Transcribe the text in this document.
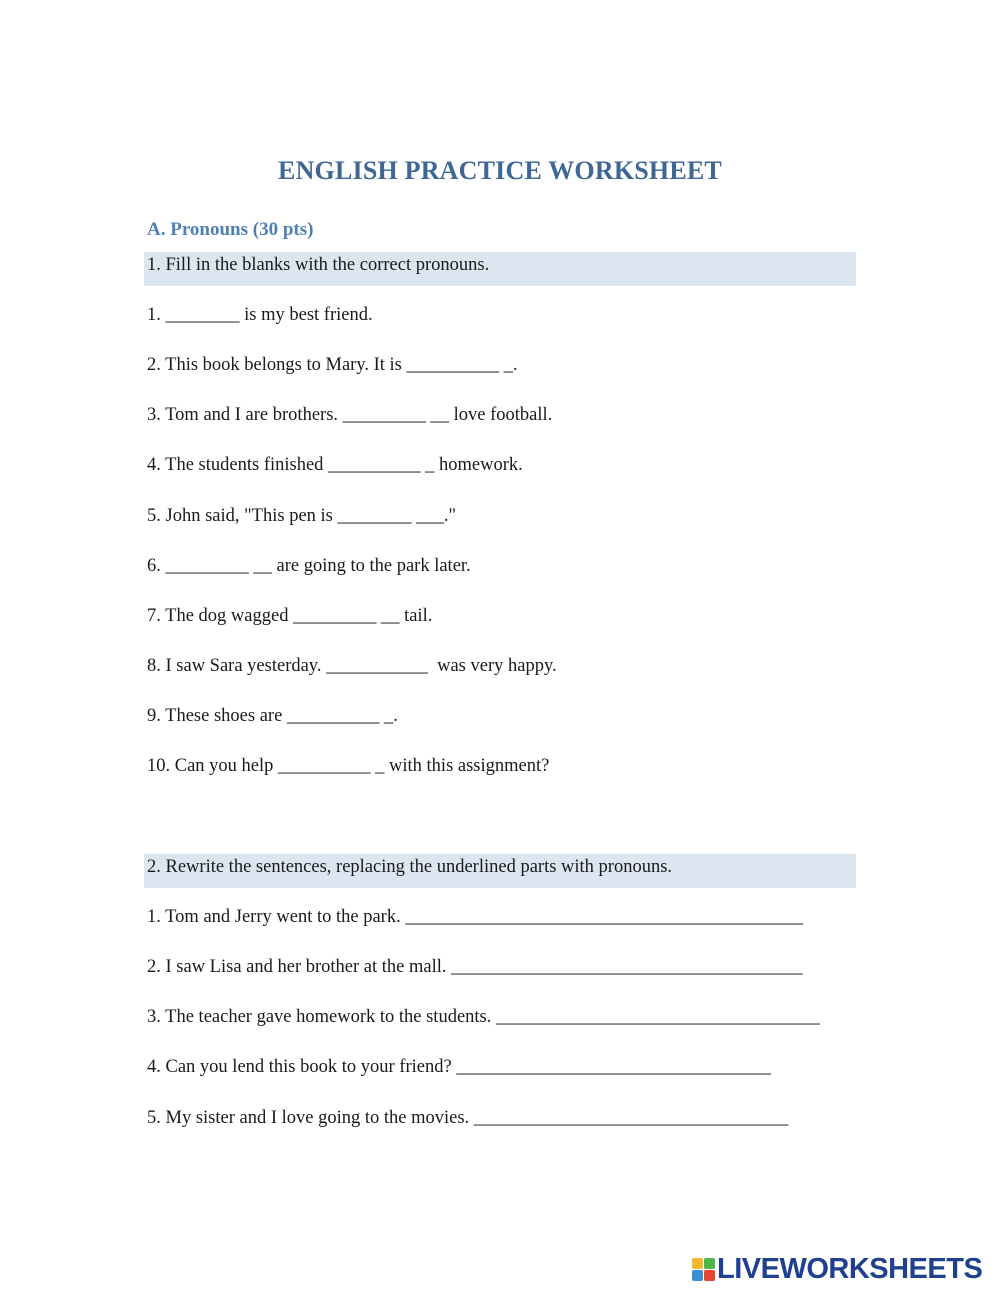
ENGLISH PRACTICE WORKSHEET
A. Pronouns (30 pts)
1. Fill in the blanks with the correct pronouns.
1. ________ is my best friend.
2. This book belongs to Mary. It is __________ _.
3. Tom and I are brothers. _________ __ love football.
4. The students finished __________ _ homework.
5. John said, "This pen is ________ ___."
6. _________ __ are going to the park later.
7. The dog wagged _________ __ tail.
8. I saw Sara yesterday. ___________  was very happy.
9. These shoes are __________ _.
10. Can you help __________ _ with this assignment?
2. Rewrite the sentences, replacing the underlined parts with pronouns.
1. Tom and Jerry went to the park. ___________________________________________
2. I saw Lisa and her brother at the mall. ______________________________________
3. The teacher gave homework to the students. ___________________________________
4. Can you lend this book to your friend? __________________________________
5. My sister and I love going to the movies. __________________________________
LIVEWORKSHEETS
